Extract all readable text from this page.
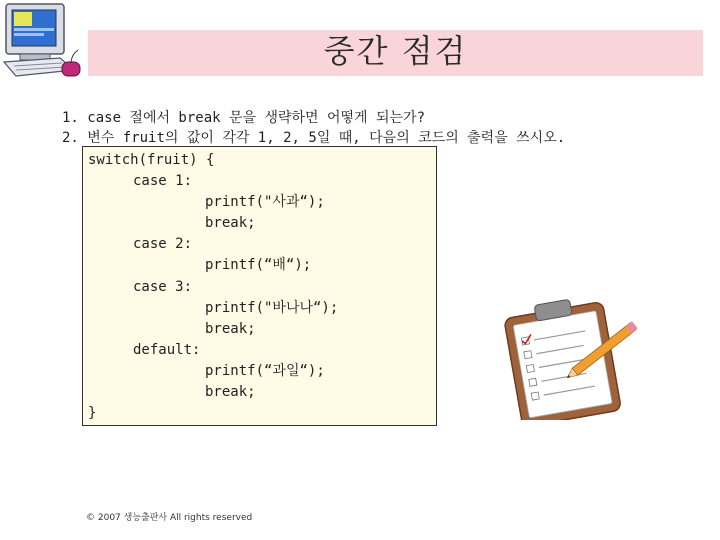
중간 점검
1. case 절에서 break 문을 생략하면 어떻게 되는가?
2. 변수 fruit의 값이 각각 1, 2, 5일 때, 다음의 코드의 출력을 쓰시오.
switch(fruit) {
case 1:
printf("사과“);
break;
case 2:
printf(“배“);
case 3:
printf("바나나“);
break;
default:
printf(“과일“);
break;
}
© 2007 생능출판사 All rights reserved
